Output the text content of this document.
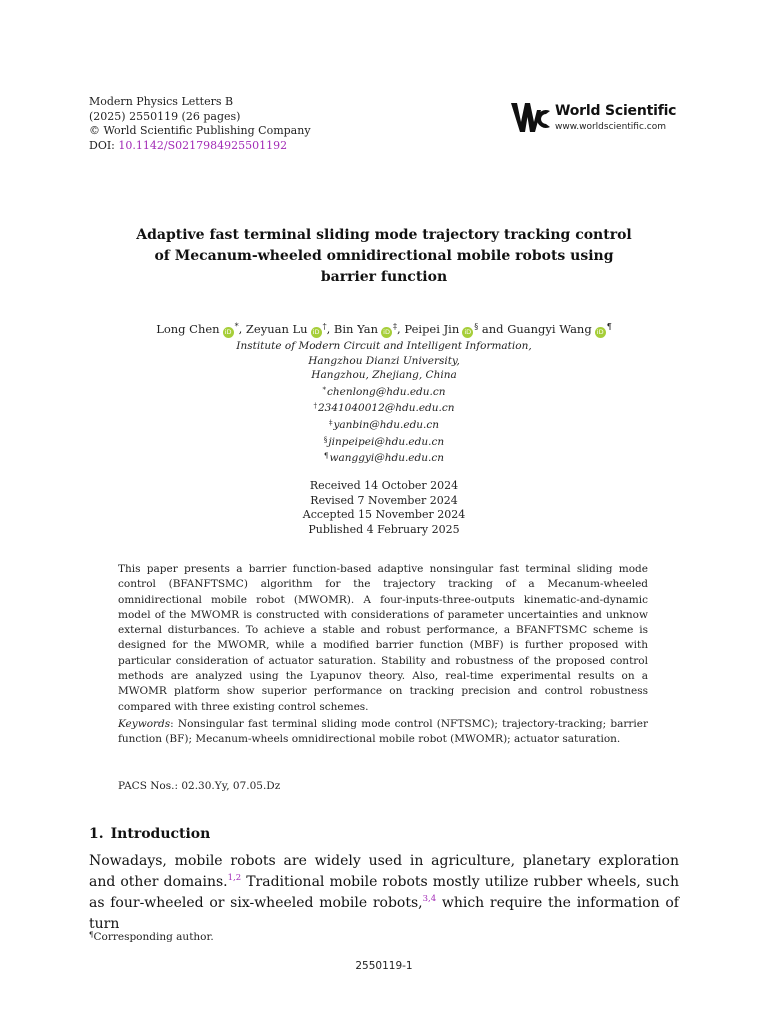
Modern Physics Letters B
(2025) 2550119 (26 pages)
© World Scientific Publishing Company
DOI: 10.1142/S0217984925501192
World Scientific
www.worldscientific.com
Adaptive fast terminal sliding mode trajectory tracking control
of Mecanum-wheeled omnidirectional mobile robots using
barrier function
Long Chen iD*, Zeyuan Lu iD†, Bin Yan iD‡, Peipei Jin iD§ and Guangyi Wang iD¶
Institute of Modern Circuit and Intelligent Information,
Hangzhou Dianzi University,
Hangzhou, Zhejiang, China
*chenlong@hdu.edu.cn
†2341040012@hdu.edu.cn
‡yanbin@hdu.edu.cn
§jinpeipei@hdu.edu.cn
¶wanggyi@hdu.edu.cn
Received 14 October 2024
Revised 7 November 2024
Accepted 15 November 2024
Published 4 February 2025
This paper presents a barrier function-based adaptive nonsingular fast terminal sliding mode control (BFANFTSMC) algorithm for the trajectory tracking of a Mecanum-wheeled omnidirectional mobile robot (MWOMR). A four-inputs-three-outputs kinematic-and-dynamic model of the MWOMR is constructed with considerations of parameter uncertainties and unknow external disturbances. To achieve a stable and robust performance, a BFANFTSMC scheme is designed for the MWOMR, while a modified barrier function (MBF) is further proposed with particular consideration of actuator saturation. Stability and robustness of the proposed control methods are analyzed using the Lyapunov theory. Also, real-time experimental results on a MWOMR platform show superior performance on tracking precision and control robustness compared with three existing control schemes.
Keywords: Nonsingular fast terminal sliding mode control (NFTSMC); trajectory-tracking; barrier function (BF); Mecanum-wheels omnidirectional mobile robot (MWOMR); actuator saturation.
PACS Nos.: 02.30.Yy, 07.05.Dz
1. Introduction
Nowadays, mobile robots are widely used in agriculture, planetary exploration and other domains.$^{1,2}$ Traditional mobile robots mostly utilize rubber wheels, such as four-wheeled or six-wheeled mobile robots,$^{3,4}$ which require the information of turn
¶Corresponding author.
2550119-1
